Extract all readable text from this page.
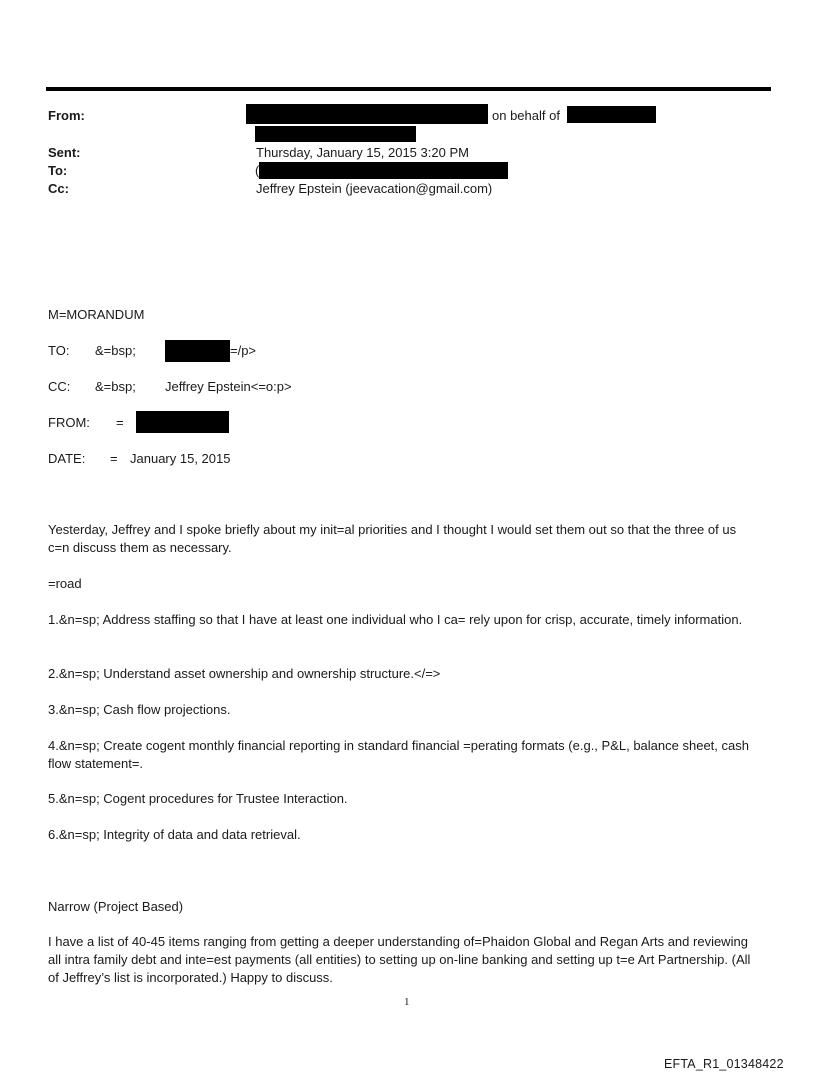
From:	on behalf of
Sent:	Thursday, January 15, 2015 3:20 PM
To:	(
Cc:	Jeffrey Epstein (jeevacation@gmail.com)
M=MORANDUM
TO: &=bsp;	=/p>
CC: &=bsp; Jeffrey Epstein<=o:p>
FROM: =
DATE: = January 15, 2015
Yesterday, Jeffrey and I spoke briefly about my init=al priorities and I thought I would set them out so that the three of us c=n discuss them as necessary.
=road
1.&n=sp; Address staffing so that I have at least one individual who I ca= rely upon for crisp, accurate, timely information.
2.&n=sp; Understand asset ownership and ownership structure.</=>
3.&n=sp; Cash flow projections.
4.&n=sp; Create cogent monthly financial reporting in standard financial =perating formats (e.g., P&L, balance sheet, cash flow statement=.
5.&n=sp; Cogent procedures for Trustee Interaction.
6.&n=sp; Integrity of data and data retrieval.
Narrow (Project Based)
I have a list of 40-45 items ranging from getting a deeper understanding of=Phaidon Global and Regan Arts and reviewing all intra family debt and inte=est payments (all entities) to setting up on-line banking and setting up t=e Art Partnership. (All of Jeffrey’s list is incorporated.) Happy to discuss.
1
EFTA_R1_01348422
